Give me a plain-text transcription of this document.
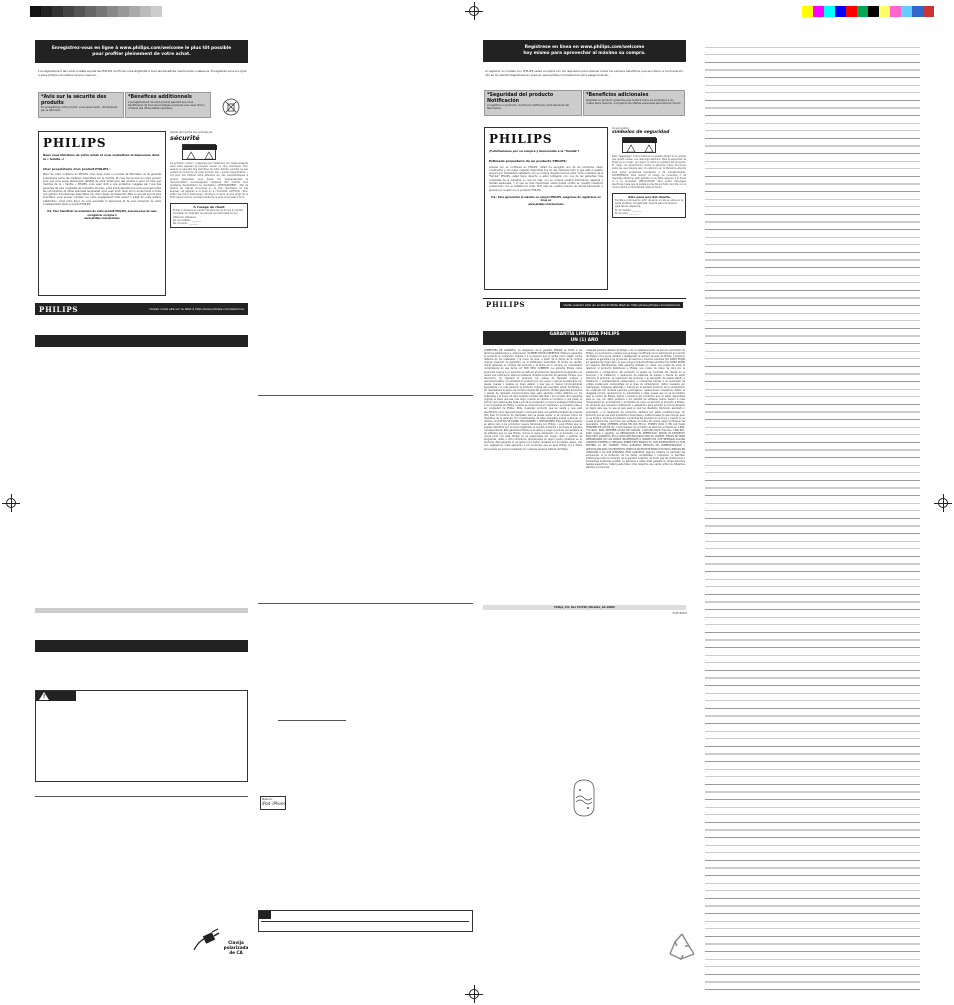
Enregistrez-vous en ligne à www.philips.com/welcome le plus tôt possible
pour profiter pleinement de votre achat.
L'enregistrement de votre modèle auprès de PHILIPS confirme votre éligibilité à tous les bénéfices mentionnés ci-dessous. Enregistrez-vous en ligne à www.philips.com/welcome pour assurer :
*Avis sur la sécurité des produits
En enregistrant votre produit, vous serez avisé - directement par le fabricant.
*Bénéfices additionnels
L'enregistrement de votre produit garantit que vous bénéficierez de tous les privilèges auxquels vous avez droit y compris des offres-rabais spéciales.
PHILIPS
Nous vous félicitons de votre achat et vous souhaitons la bienvenue dans la « famille »!
Cher propriétaire d'un produit PHILIPS :
Merci de votre confiance en PHILIPS. Vous avez choisi un produit de fabrication et de garantie supérieures parmi les meilleurs disponibles sur le marché. Et nous ferons tout en notre pouvoir pour que vous soyez pleinement satisfait de votre achat pour des années à venir. En tant que membre de la « famille » PHILIPS, vous avez droit à une protection inégalée par l'une des garanties les plus complètes de l'industrie. De plus, votre achat garantit que vous recevrez toutes les informations et offres spéciales auxquelles vous avez droit, ainsi qu'un accès facile à toute une gamme d'accessoires disponibles via notre réseau de téléachat. Mais ce qui est encore plus important, vous pouvez compter sur notre engagement total quand il s'agit de votre entière satisfaction. C'est notre façon de vous souhaiter la bienvenue et de vous remercier de votre investissement dans un produit PHILIPS.
P.S. Pour bénéficier au maximum de votre produit PHILIPS, assurez-vous de vous enregistrer en ligne à
www.philips.com/welcome
Sachez reconnaître ces symboles de
sécurité
Ce symbole « éclair » s'applique aux matériaux non isolés présents dans votre appareil et pouvant causer un choc électrique. Pour assurer la sécurité des membres de votre famille, veuillez ne pas enlever le couvercle de votre produit. Les « points d'exclamation » ont pour but d'attirer votre attention sur des caractéristiques à propos desquelles vous devez lire soigneusement la documentation accompagnant l'appareil afin d'éviter tout problème d'exploitation ou d'entretien. AVERTISSEMENT : Afin de réduire les risques d'incendie ou de choc électrique, ne pas exposer cet appareil à la pluie ou à l'humidité. CAUTION : Pour éviter les chocs électriques, introduire la lame la plus large de la fiche dans la borne correspondante de la prise et pousser à fond.
À l'usage du client
Entrez ci-dessous le numéro de série qui se trouve à l'arrière du boîtier du dispositif. Conservez ces informations pour référence ultérieure.
No. de modèle : ________
No. de série : ________
PHILIPS	Visitez notre site sur le Web à http://www.philips.com/welcome
!
Clavija
polarizada
de CA
Made for
iPod iPhone
Regístrese en línea en www.philips.com/welcome
hoy mismo para aprovechar al máximo su compra.
Al registrar su modelo con PHILIPS usted cumplirá con los requisitos para obtener todos los valiosos beneficios que se indican a continuación. ¡No se los pierda! Regístrese en línea en www.philips.com/welcome para asegurarse de:
*Seguridad del producto Notificación
Al registrar su producto, recibirá la notificación (directamente del fabricante).
*Beneficios adicionales
Registrar su producto garantiza que recibirá todos los privilegios a los cuales tiene derecho, incluyendo las ofertas especiales para ahorrar dinero.
PHILIPS
¡Felicitaciones por su compra y bienvenido a la "familia"!
Estimado propietario de un producto PHILIPS:
Gracias por su confianza en PHILIPS. Usted ha escogido uno de los productos mejor construidos y con mejor respaldo disponible hoy en día. Haremos todo lo que esté a nuestro alcance por mantenerle satisfecho con su compra durante muchos años. Como miembro de la "familia" PHILIPS, usted tiene derecho a estar protegido con una de las garantías más completas de la industria. Lo que es más, con su compra recibirá información especial y ofertas especiales. Y lo que es más importante, usted puede confiar en nuestro irrestricto compromiso con su satisfacción total. Todo esto es nuestra manera de decirle bienvenido y gracias por invertir en un producto PHILIPS.
P.S.: Para aprovechar al máximo su compra PHILIPS, asegúrese de registrarse en línea en
www.philips.com/welcome
Conozca estos
símbolos de seguridad
Este "relámpago" indica material no aislado dentro de la unidad que puede causar una descarga eléctrica. Para la seguridad de todos en su hogar, por favor no retire la cubierta del producto. El "signo de exclamación" llama la atención hacia funciones sobre las que debería leer con atención en la literatura adjunta para evitar problemas operativos y de mantenimiento. ADVERTENCIA: Para reducir el riesgo de incendios o de descarga eléctrica, este aparato no se debe exponer a la lluvia ni a la humedad. PRECAUCIÓN: Para evitar descargas eléctricas, haga que la paleta ancha del enchufe coincida con la ranura ancha e introdúzcala hasta el fondo.
Sólo para uso del cliente
Escriba a continuación el Nº de serie, el cual se ubica en la parte posterior del gabinete. Guarde esta información para futura referencia.
Nº de modelo: ________
Nº de serie: ________
PHILIPS	Visite nuestro sitio en el World Wide Web en http://www.philips.com/welcome
GARANTÍA LIMITADA PHILIPS
UN (1) AÑO
COBERTURA DE GARANTÍA: La obligación de la garantía PHILIPS se limita a los términos establecidos a continuación. QUIÉNES ESTÁN CUBIERTOS: Philips le garantiza el producto al comprador original o a la persona que lo recibe como regalo contra defectos en los materiales y la mano de obra, a partir de la fecha de la compra original ("período de garantía") en el distribuidor autorizado. El recibo de ventas, donde aparecen el nombre del producto y la fecha de la compra, es considerado comprobante de esa fecha. LO QUE ESTÁ CUBIERTO: La garantía Philips cubre productos nuevos si un producto se daña en el transcurso del período de garantía y se recibe una notificación sobre el problema durante el período de garantía. Philips, a su discreción, (1) reparará el producto con piezas de repuesto nuevas o reacondicionadas, (2) cambiará el producto por uno nuevo o que se ha fabricado con piezas nuevas o usadas en buen estado y que sea al menos funcionalmente equivalente o lo más parecido al producto original del inventario actual de Philips, o (3) reembolsará el precio de compra original del producto. Philips garantiza productos o piezas de repuesto proporcionados bajo esta garantía contra defectos en los materiales y la mano de obra durante noventa (90) días o por el resto de la garantía original, el plazo que sea más largo. Cuando se cambia un producto o una pieza, el artículo que usted recibe pasa a ser de su propiedad y el que le entrega a Philips pasa a ser propiedad de Philips. Cuando se proporciona un reembolso, su producto pasa a ser propiedad de Philips. Nota: Cualquier producto que se venda y que esté identificado como reacondicionado o renovado tiene una garantía limitada de noventa (90) días. El producto de reemplazo sólo se puede enviar si se cumplen todos los requisitos de la garantía. El incumplimiento de tales requisitos puede ocasionar un retardo. LO QUE NO SE CUBRE: EXCLUSIONES Y LIMITACIONES: Esta Garantía Limitada se aplica sólo a los productos nuevos fabricados por Philips o para Philips que se pueden identificar por la marca registrada, el nombre comercial o por tener el logotipo correspondiente. Esta garantía limitada no se aplica a ningún producto de hardware ni de software que no sea Philips, incluso si viene empacado con el producto o si se vende junto con éste. Philips no es responsable por ningún daño o pérdida de programas, datos u otra información almacenados en algún medio contenido en el producto. Esta garantía no se aplica (a) a daños causados por accidente, abuso, mal uso, negligencia, mala aplicación o por productos que no sean Philips; (b) a daños provocados por servicio realizado por cualquier persona distinta de Philips.
cualquier persona distinta de Philips o de un establecimiento de servicio autorizado de Philips; (c) a productos o piezas que se hayan modificado sin la autorización por escrito de Philips; (d) si se ha retirado o desfigurado el número de serie de Philips; y tampoco se aplica la garantía a (e) productos, accesorios o insumos vendidos TAL COMO ESTÁN sin garantía de ningún tipo, lo que incluye productos Philips vendidos TAL COMO ESTÁN por algunos distribuidores. Esta garantía limitada no cubre: Los costos de envío al devolver el producto defectuoso a Philips. Los costos de mano de obra por la instalación o configuración del producto, el ajuste de controles del cliente en el producto y la instalación o reparación de sistemas de antena o fuente de señal externos al producto. La reparación del producto o el reemplazo de piezas debido a instalación o mantenimiento inadecuados, a conexiones hechas a un suministro de voltaje inadecuado, sobrevoltaje en la línea de alimentación, daños causados por relámpagos, imágenes retenidas o marcas en la pantalla producto de la visualización de contenido fijo durante períodos prolongados, reparaciones cosméticas debido al desgaste normal, reparaciones no autorizadas u otras causas que no se encuentren bajo el control de Philips. Daños o reclamos por productos que no están disponibles para su uso, por datos perdidos o por pérdida de software. Daños debido a mala manipulación en el transporte o accidentes de envío al devolver el producto a Philips. Un producto que requiera modificación o adaptación para permitir su funcionamiento en algún país que no sea el país para el cual fue diseñado, fabricado, aprobado o autorizado, o la reparación de productos dañados por estas modificaciones. Un producto que se use para propósitos comerciales o institucionales (lo que incluye, pero no se limita a, los fines de alquiler). La pérdida del producto en el envío y cuando no se pueda proporcionar una firma que verifique el recibo. No operar según el Manual del propietario. PARA OBTENER AYUDA EN LOS EE.UU., PUERTO RICO O EN LAS ISLAS VÍRGENES DE LOS EE.UU.: Comuníquese con el Centro de Atención al Cliente al: 1-866-771-4018. PARA OBTENER AYUDA EN CANADÁ: 1-800-661-6162 (francés) 1-800-661-6162 (inglés o español). LA REPARACIÓN O EL REEMPLAZO, SEGÚN LO DISPUESTO BAJO ESTA GARANTÍA, ES LA SOLUCIÓN EXCLUSIVA PARA EL CLIENTE. PHILIPS NO SERÁ RESPONSABLE DE LOS DAÑOS INCIDENTALES O INDIRECTOS QUE INFRINJAN ALGUNA GARANTÍA EXPRESA O IMPLÍCITA SOBRE ESTE PRODUCTO. CON EXCEPCIÓN DE LO QUE PROHÍBA LA LEY VIGENTE, TODA GARANTÍA IMPLÍCITA DE COMERCIABILIDAD Y ADECUACIÓN PARA UN PROPÓSITO PARTICULAR EN ESTE PRODUCTO ESTÁ LIMITADA EN DURACIÓN A LO QUE DISPONGA ESTA GARANTÍA. Algunos estados no permiten las exclusiones ni la limitación de los daños incidentales o indirectos, ni permiten limitaciones sobre la duración de la garantía implícita, de modo que las limitaciones o exclusiones anteriores pueden no aplicarse a usted. Esta garantía le otorga derechos legales específicos. Usted puede tener otros derechos que varían entre los diferentes estados y provincias.
Philips, P.O. Box 672768, Marietta, GA 30006
EL4316S001
